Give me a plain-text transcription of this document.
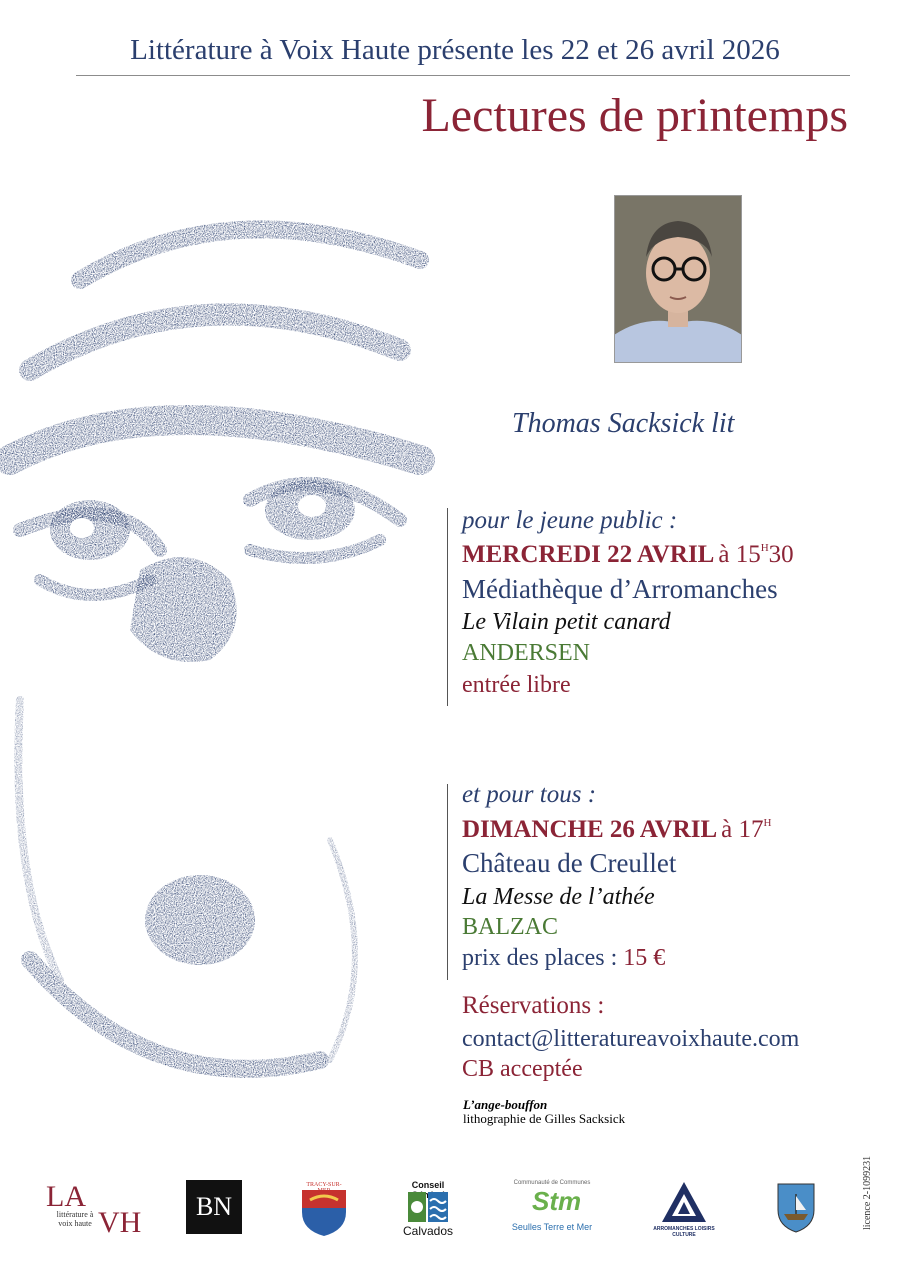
Littérature à Voix Haute présente les 22 et 26 avril 2026
Lectures de printemps
Thomas Sacksick lit
pour le jeune public :
MERCREDI 22 AVRIL à $15^H30$
Médiathèque d’Arromanches
Le Vilain petit canard
ANDERSEN
entrée libre
et pour tous :
DIMANCHE 26 AVRIL à $17^H$
Château de Creullet
La Messe de l’athée
BALZAC
prix des places : 15 €
Réservations :
contact@litteratureavoixhaute.com
CB acceptée
L’ange-bouffon
lithographie de Gilles Sacksick
LA
VH
littérature à voix haute
BN
TRACY-SUR-MER
Conseil
Calvados
Communauté de Communes
Stm
Seulles Terre et Mer	ARROMANCHES LOISIRS CULTURE
licence 2-1099231
